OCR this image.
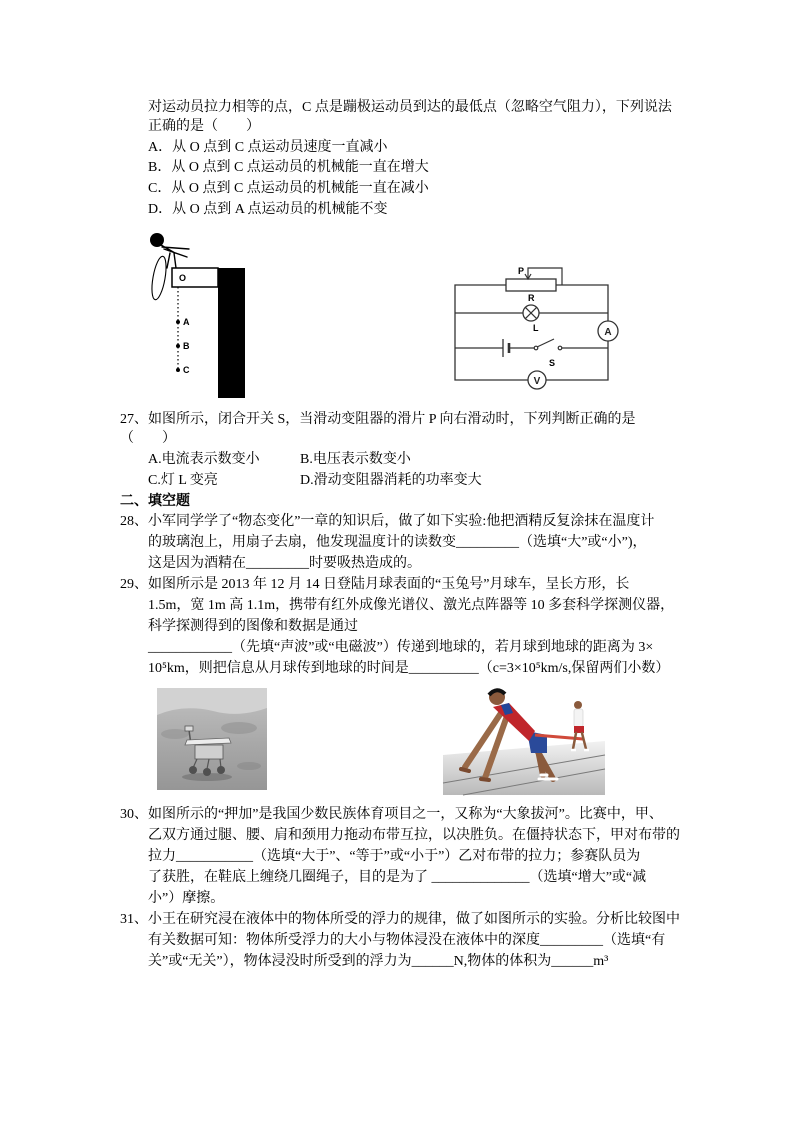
对运动员拉力相等的点，C 点是蹦极运动员到达的最低点（忽略空气阻力），下列说法
正确的是（　　）
A．从 O 点到 C 点运动员速度一直减小
B．从 O 点到 C 点运动员的机械能一直在增大
C．从 O 点到 C 点运动员的机械能一直在减小
D．从 O 点到 A 点运动员的机械能不变
O
A
B
C
P
R
L	A
S
V
27、如图所示，闭合开关 S，当滑动变阻器的滑片 P 向右滑动时，下列判断正确的是
（　　）
A.电流表示数变小	B.电压表示数变小
C.灯 L 变亮	D.滑动变阻器消耗的功率变大
二、填空题
28、小军同学学了“物态变化”一章的知识后，做了如下实验:他把酒精反复涂抹在温度计
的玻璃泡上，用扇子去扇，他发现温度计的读数变_________（选填“大”或“小”)，
这是因为酒精在_________时要吸热造成的。
29、如图所示是 2013 年 12 月 14 日登陆月球表面的“玉兔号”月球车，呈长方形，长
1.5m，宽 1m 高 1.1m，携带有红外成像光谱仪、激光点阵器等 10 多套科学探测仪器，
科学探测得到的图像和数据是通过
____________（先填“声波”或“电磁波”）传递到地球的，若月球到地球的距离为 3×
10⁵km，则把信息从月球传到地球的时间是__________（c=3×10⁵km/s,保留两们小数）
30、如图所示的“押加”是我国少数民族体育项目之一，又称为“大象拔河”。比赛中，甲、
乙双方通过腿、腰、肩和颈用力拖动布带互拉，以决胜负。在僵持状态下，甲对布带的
拉力___________（选填“大于”、“等于”或“小于”）乙对布带的拉力；参赛队员为
了获胜，在鞋底上缠绕几圈绳子，目的是为了 ______________（选填“增大”或“减
小”）摩擦。
31、小王在研究浸在液体中的物体所受的浮力的规律，做了如图所示的实验。分析比较图中
有关数据可知：物体所受浮力的大小与物体浸没在液体中的深度_________（选填“有
关”或“无关”），物体浸没时所受到的浮力为______N,物体的体积为______m³
